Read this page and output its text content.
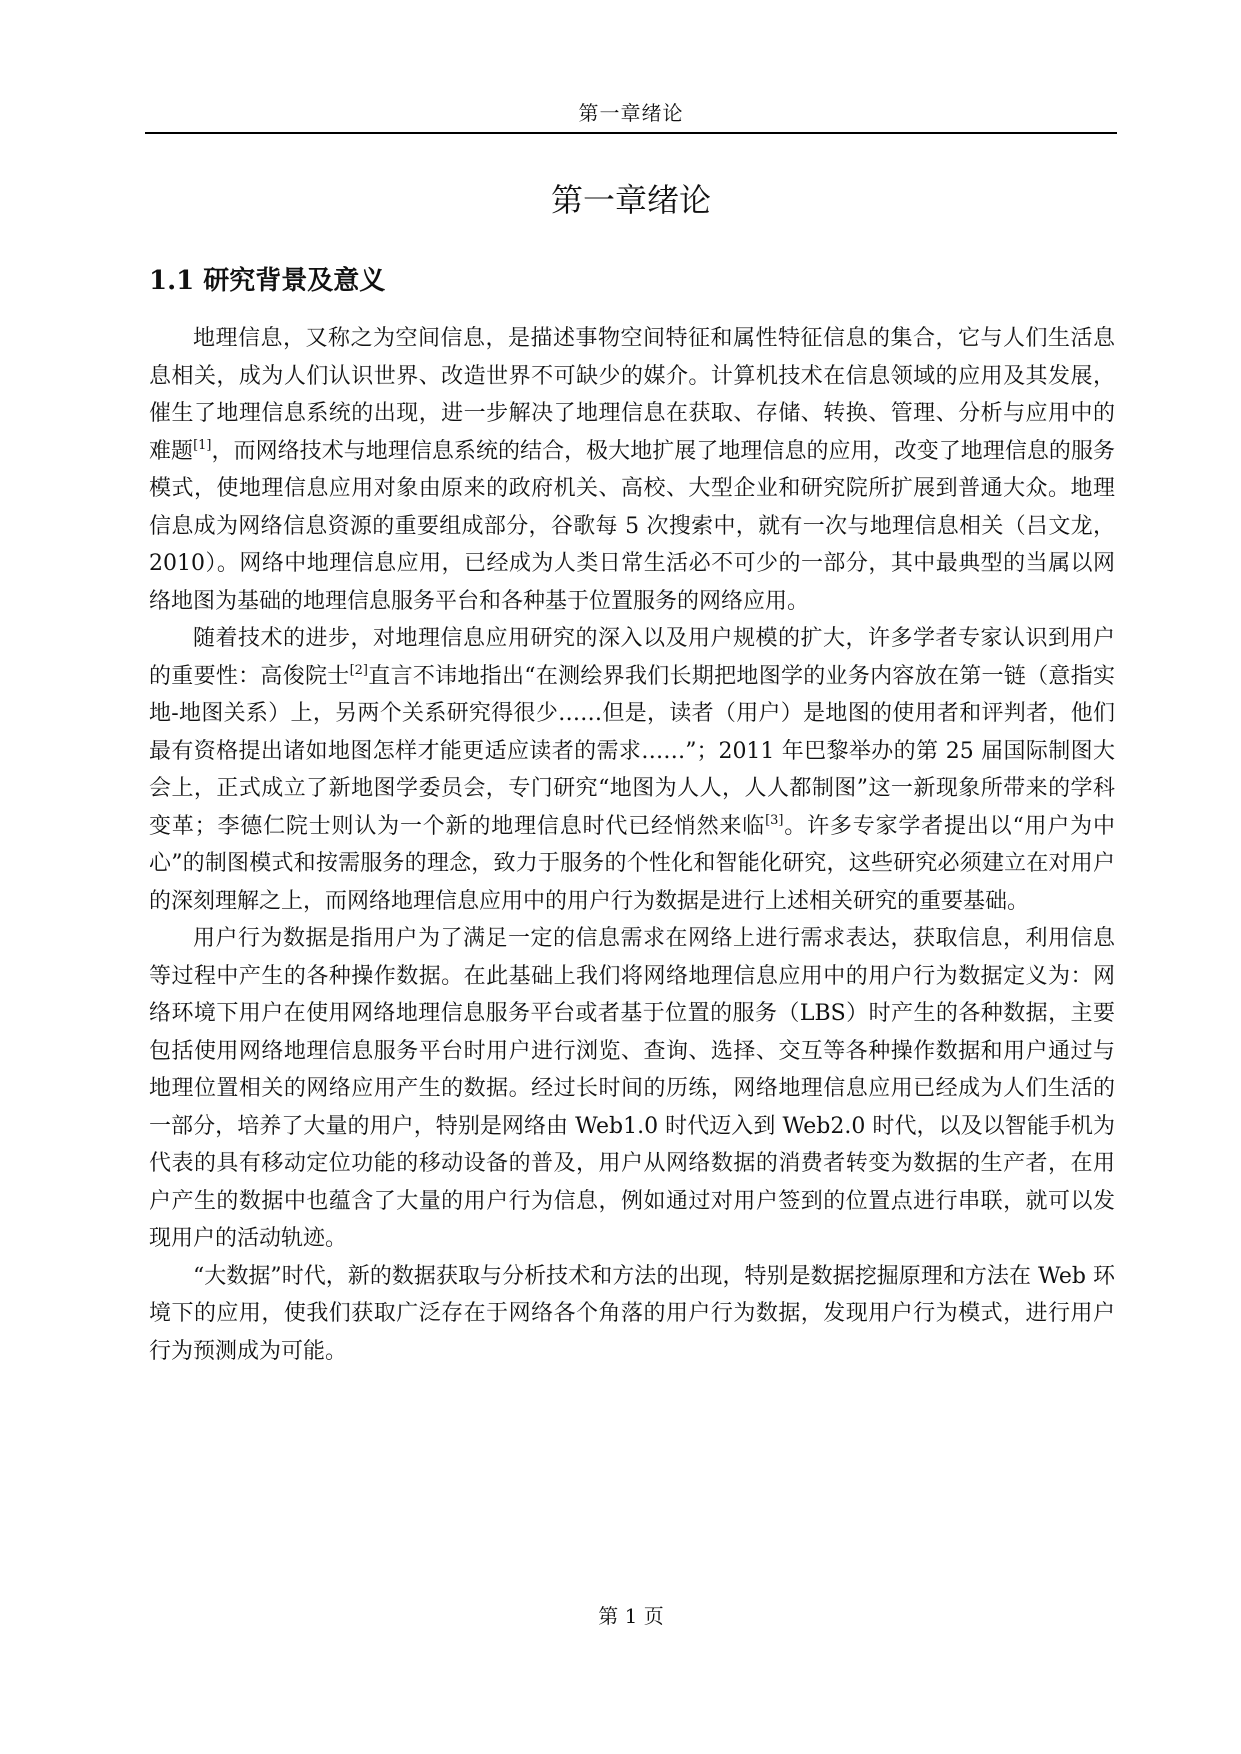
第一章绪论
第一章绪论
1.1 研究背景及意义

地理信息，又称之为空间信息，是描述事物空间特征和属性特征信息的集合，它与人们生活息息相关，成为人们认识世界、改造世界不可缺少的媒介。计算机技术在信息领域的应用及其发展，催生了地理信息系统的出现，进一步解决了地理信息在获取、存储、转换、管理、分析与应用中的难题[1]，而网络技术与地理信息系统的结合，极大地扩展了地理信息的应用，改变了地理信息的服务模式，使地理信息应用对象由原来的政府机关、高校、大型企业和研究院所扩展到普通大众。地理信息成为网络信息资源的重要组成部分，谷歌每 5 次搜索中，就有一次与地理信息相关（吕文龙，2010）。网络中地理信息应用，已经成为人类日常生活必不可少的一部分，其中最典型的当属以网络地图为基础的地理信息服务平台和各种基于位置服务的网络应用。

随着技术的进步，对地理信息应用研究的深入以及用户规模的扩大，许多学者专家认识到用户的重要性：高俊院士[2]直言不讳地指出“在测绘界我们长期把地图学的业务内容放在第一链（意指实地-地图关系）上，另两个关系研究得很少……但是，读者（用户）是地图的使用者和评判者，他们最有资格提出诸如地图怎样才能更适应读者的需求……”；2011 年巴黎举办的第 25 届国际制图大会上，正式成立了新地图学委员会，专门研究“地图为人人，人人都制图”这一新现象所带来的学科变革；李德仁院士则认为一个新的地理信息时代已经悄然来临[3]。许多专家学者提出以“用户为中心”的制图模式和按需服务的理念，致力于服务的个性化和智能化研究，这些研究必须建立在对用户的深刻理解之上，而网络地理信息应用中的用户行为数据是进行上述相关研究的重要基础。

用户行为数据是指用户为了满足一定的信息需求在网络上进行需求表达，获取信息，利用信息等过程中产生的各种操作数据。在此基础上我们将网络地理信息应用中的用户行为数据定义为：网络环境下用户在使用网络地理信息服务平台或者基于位置的服务（LBS）时产生的各种数据，主要包括使用网络地理信息服务平台时用户进行浏览、查询、选择、交互等各种操作数据和用户通过与地理位置相关的网络应用产生的数据。经过长时间的历练，网络地理信息应用已经成为人们生活的一部分，培养了大量的用户，特别是网络由 Web1.0 时代迈入到 Web2.0 时代，以及以智能手机为代表的具有移动定位功能的移动设备的普及，用户从网络数据的消费者转变为数据的生产者，在用户产生的数据中也蕴含了大量的用户行为信息，例如通过对用户签到的位置点进行串联，就可以发现用户的活动轨迹。

“大数据”时代，新的数据获取与分析技术和方法的出现，特别是数据挖掘原理和方法在 Web 环境下的应用，使我们获取广泛存在于网络各个角落的用户行为数据，发现用户行为模式，进行用户行为预测成为可能。

第 1 页
